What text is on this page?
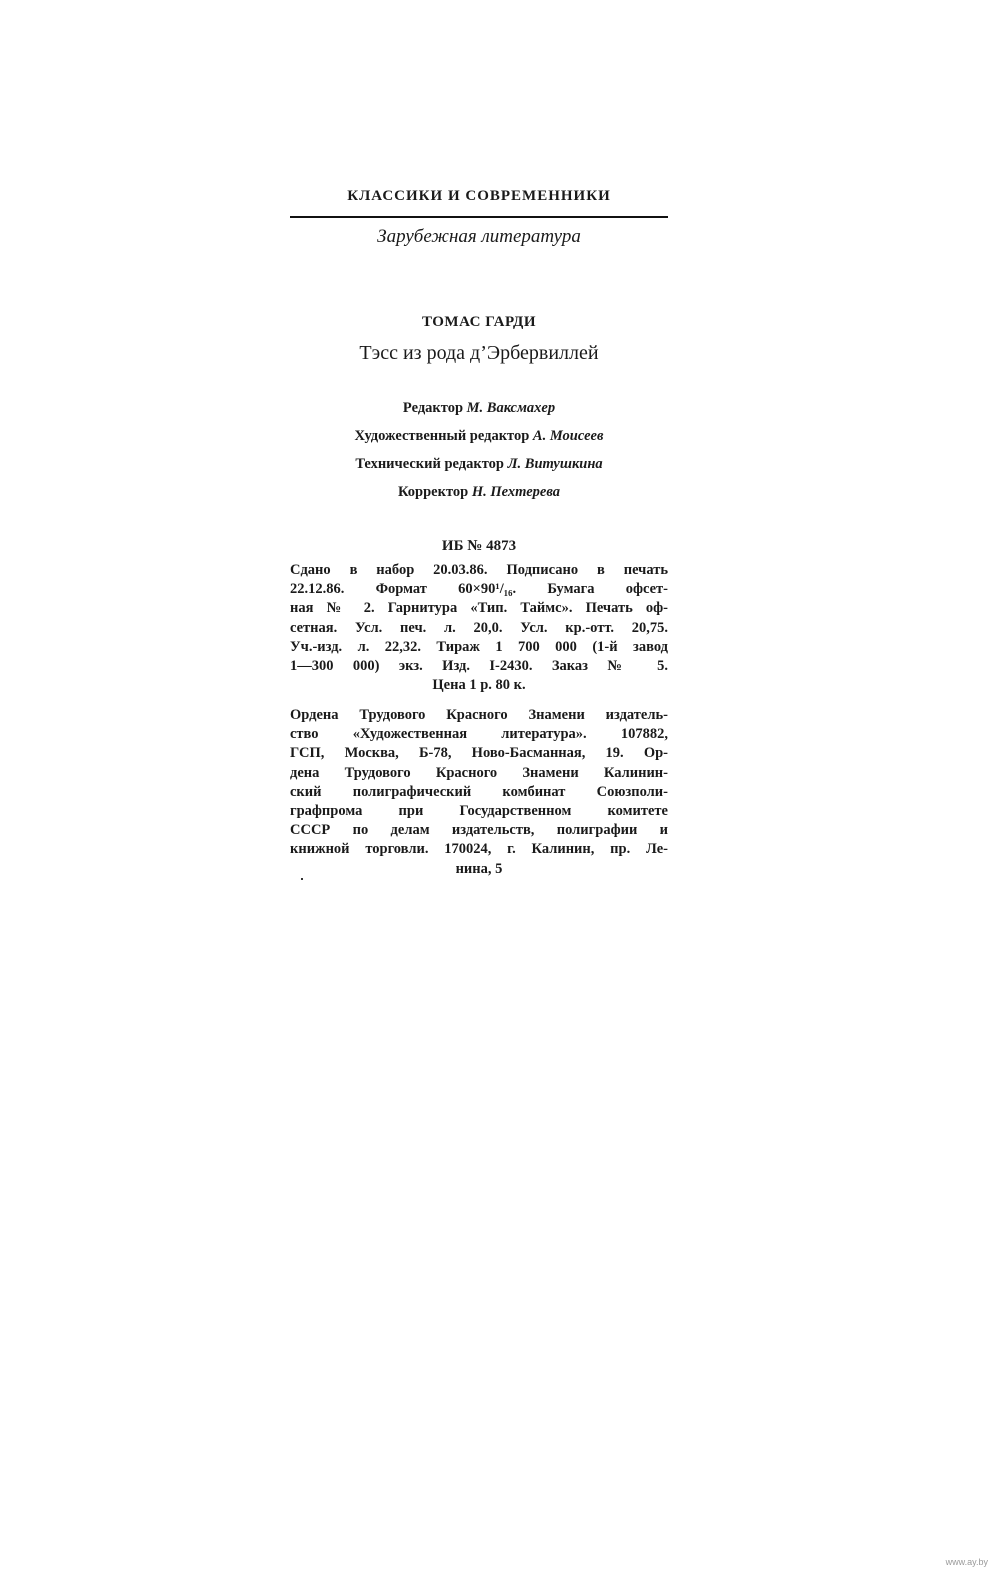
КЛАССИКИ И СОВРЕМЕННИКИ
Зарубежная литература
ТОМАС ГАРДИ
Тэсс из рода д’Эрбервиллей
Редактор М. Ваксмахер
Художественный редактор А. Моисеев
Технический редактор Л. Витушкина
Корректор Н. Пехтерева
ИБ № 4873
Сдано в набор 20.03.86. Подписано в печать
22.12.86. Формат 60×90¹/₁₆. Бумага офсет-
ная № 2. Гарнитура «Тип. Таймс». Печать оф-
сетная. Усл. печ. л. 20,0. Усл. кр.-отт. 20,75.
Уч.-изд. л. 22,32. Тираж 1 700 000 (1-й завод
1—300 000) экз. Изд. I-2430. Заказ № 5.
Цена 1 р. 80 к.
Ордена Трудового Красного Знамени издатель-
ство «Художественная литература». 107882,
ГСП, Москва, Б-78, Ново-Басманная, 19. Ор-
дена Трудового Красного Знамени Калинин-
ский полиграфический комбинат Союзполи-
графпрома при Государственном комитете
СССР по делам издательств, полиграфии и
книжной торговли. 170024, г. Калинин, пр. Ле-
нина, 5
www.ay.by
